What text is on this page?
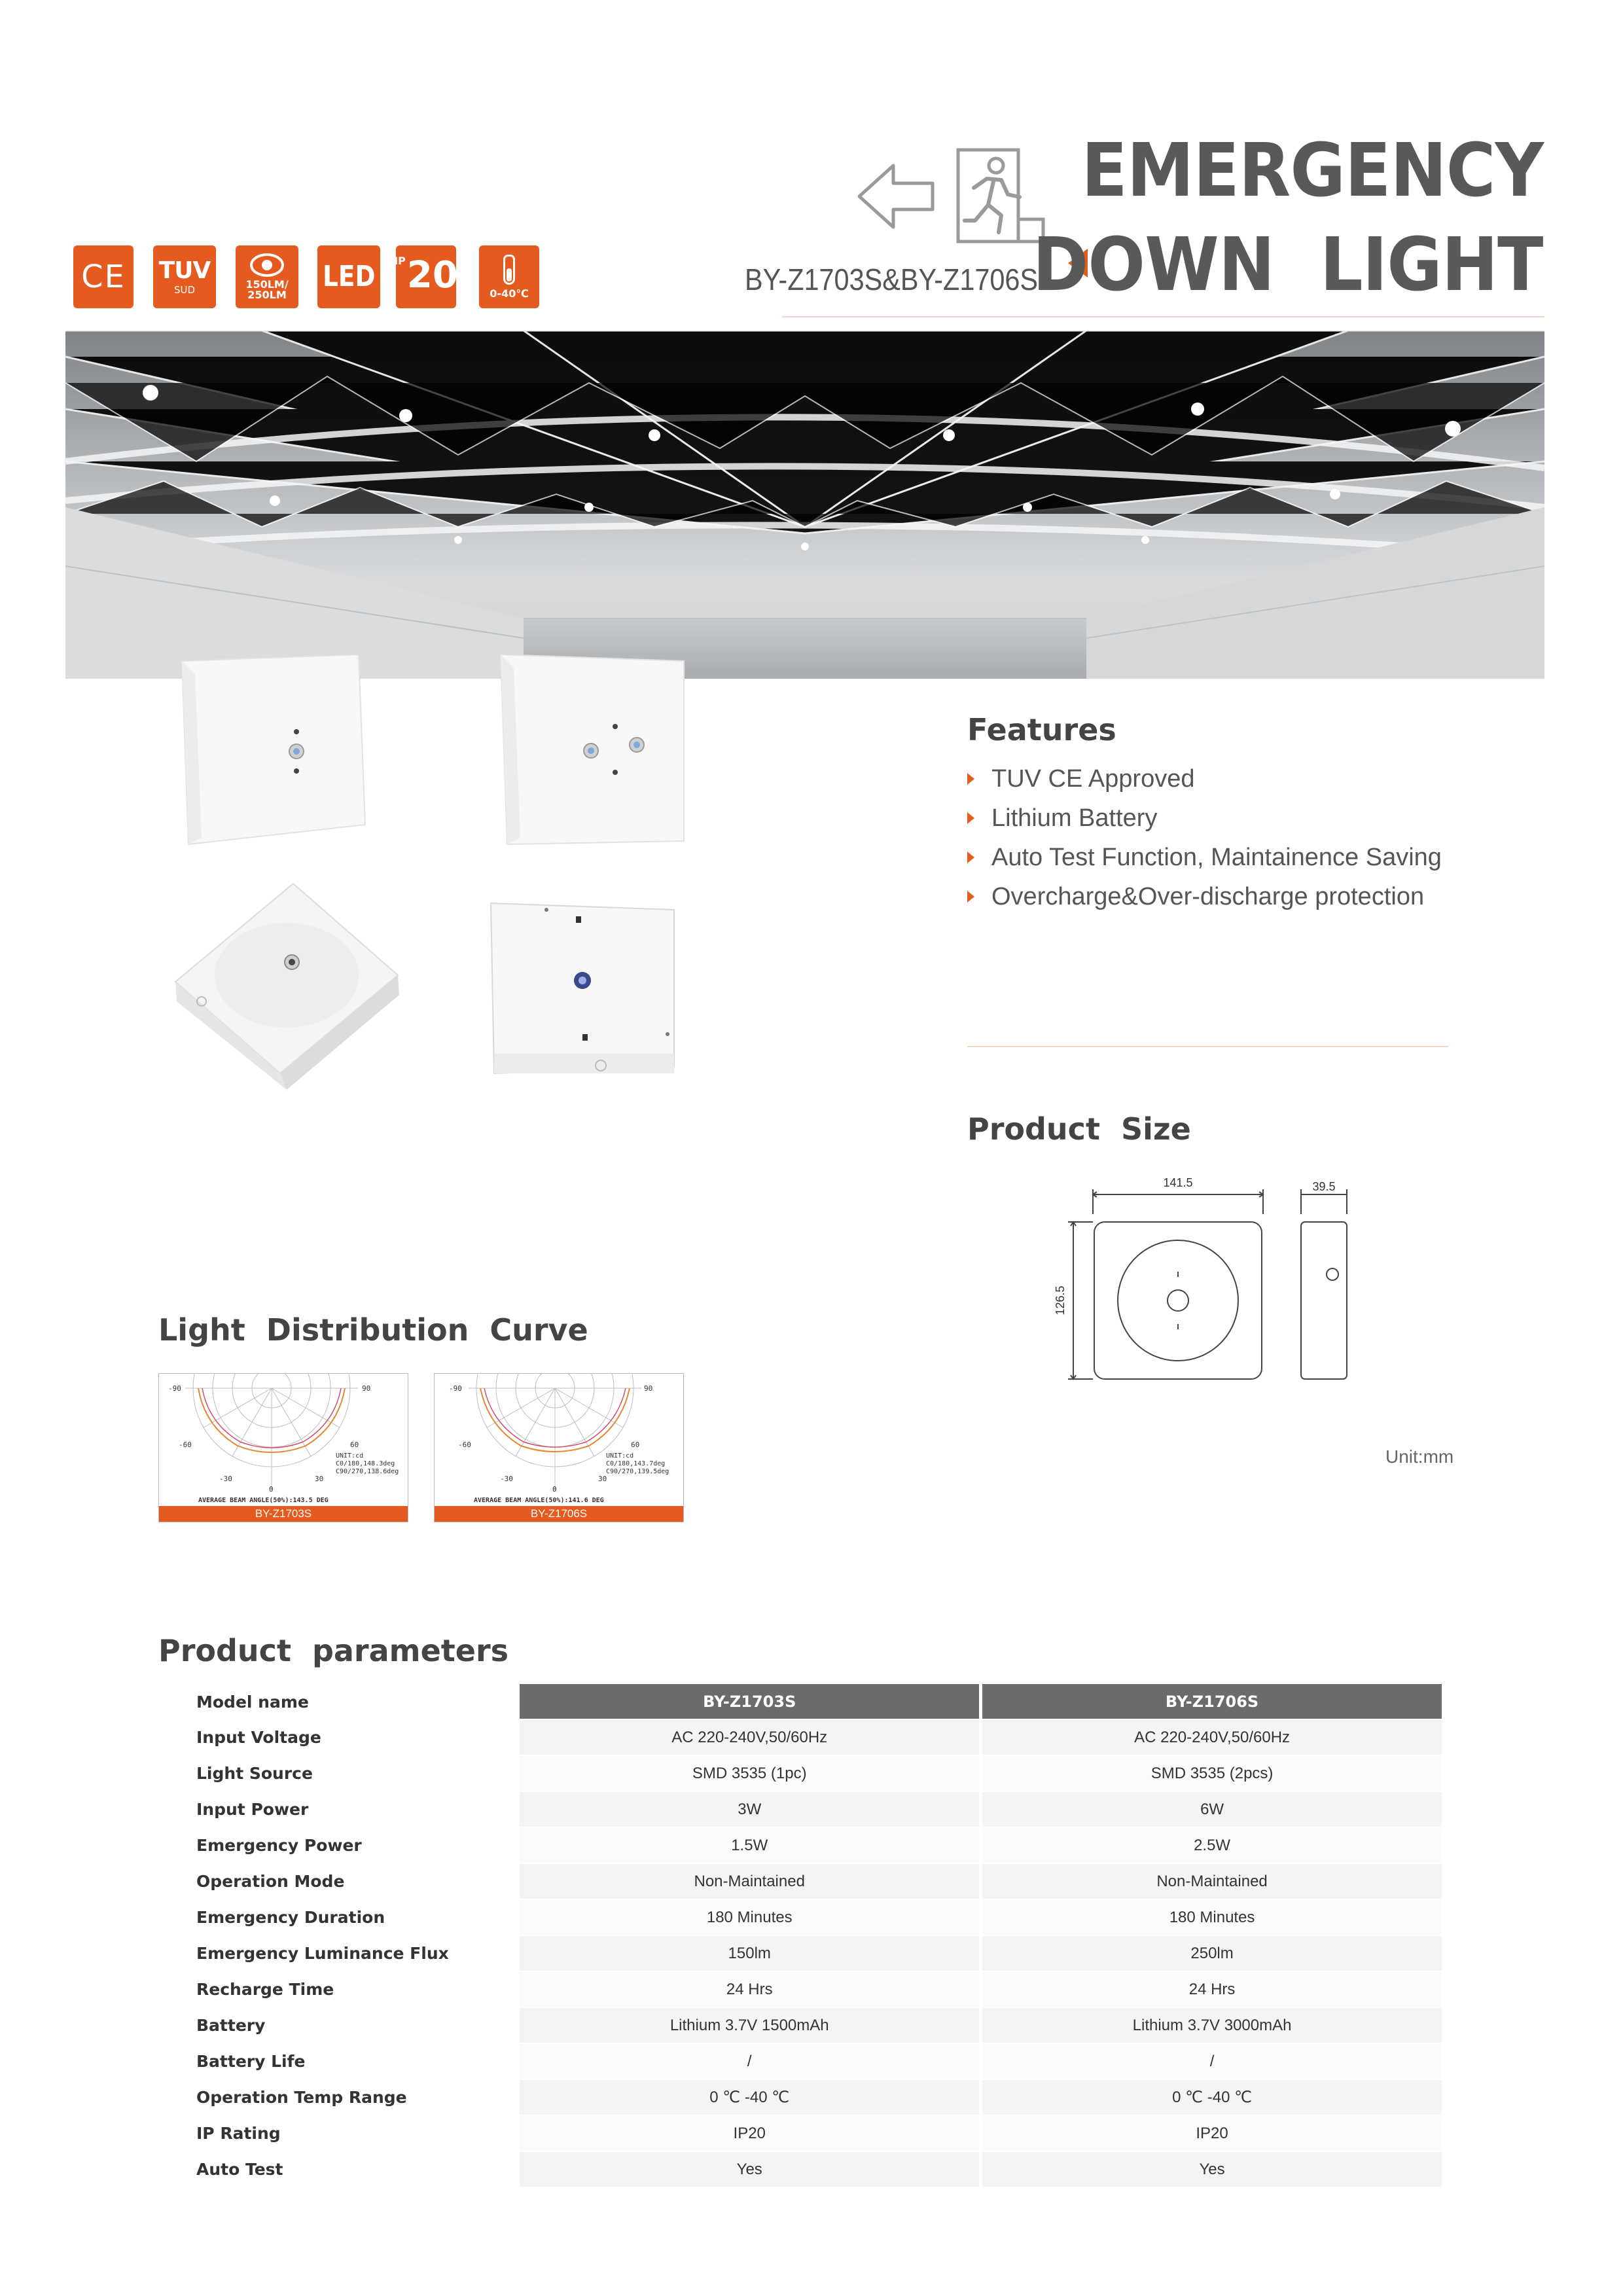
CE TUV
SUD	150LM/
250LM
LED IP 20	0-40℃	BY-Z1703S&BY-Z1706S
EMERGENCY
DOWN  LIGHT
Features
TUV CE Approved
Lithium Battery
Auto Test Function, Maintainence Saving
Overcharge&Over-discharge protection
Product  Size
141.5	39.5
126.5
Unit:mm
Light  Distribution  Curve
-90	90
-60	60
-30	30
0
UNIT:cd
C0/180,148.3deg
C90/270,138.6deg
AVERAGE BEAM ANGLE(50%):143.5 DEG
BY-Z1703S
-90	90
-60	60
-30	30
0
UNIT:cd
C0/180,143.7deg
C90/270,139.5deg
AVERAGE BEAM ANGLE(50%):141.6 DEG
BY-Z1706S
Product  parameters
Model name	BY-Z1703S		BY-Z1706S
Input Voltage	AC 220-240V,50/60Hz		AC 220-240V,50/60Hz
Light Source	SMD 3535 (1pc)		SMD 3535 (2pcs)
Input Power	3W		6W
Emergency Power	1.5W		2.5W
Operation Mode	Non-Maintained		Non-Maintained
Emergency Duration	180 Minutes		180 Minutes
Emergency Luminance Flux	150lm		250lm
Recharge Time	24 Hrs		24 Hrs
Battery	Lithium 3.7V 1500mAh		Lithium 3.7V 3000mAh
Battery Life	/		/
Operation Temp Range	0 ℃ -40 ℃		0 ℃ -40 ℃
IP Rating	IP20		IP20
Auto Test	Yes		Yes
